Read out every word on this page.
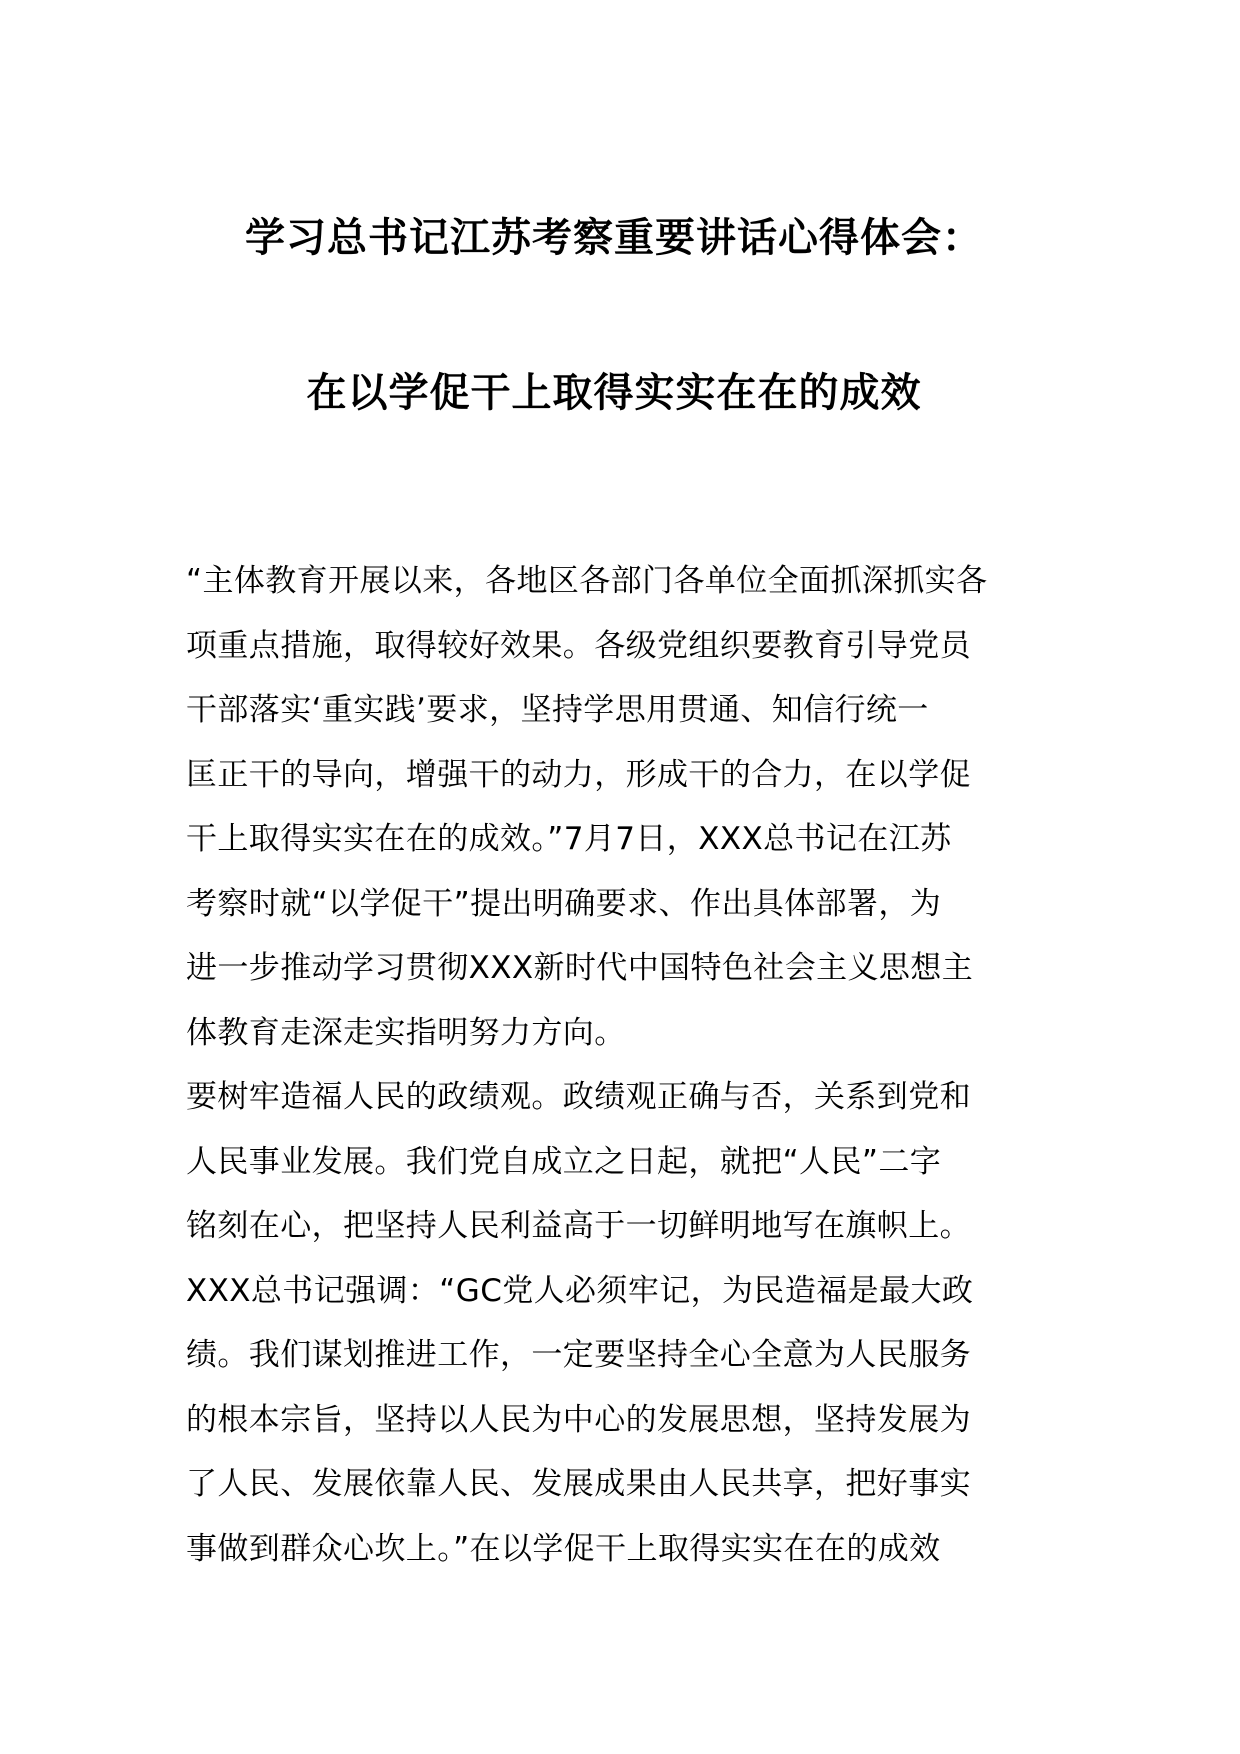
学习总书记江苏考察重要讲话心得体会：
在以学促干上取得实实在在的成效
“主体教育开展以来，各地区各部门各单位全面抓深抓实各
项重点措施，取得较好效果。各级党组织要教育引导党员
干部落实‘重实践’要求，坚持学思用贯通、知信行统一
匡正干的导向，增强干的动力，形成干的合力，在以学促
干上取得实实在在的成效。”7月7日，XXX总书记在江苏
考察时就“以学促干”提出明确要求、作出具体部署，为
进一步推动学习贯彻XXX新时代中国特色社会主义思想主
体教育走深走实指明努力方向。
要树牢造福人民的政绩观。政绩观正确与否，关系到党和
人民事业发展。我们党自成立之日起，就把“人民”二字
铭刻在心，把坚持人民利益高于一切鲜明地写在旗帜上。
XXX总书记强调：“GC党人必须牢记，为民造福是最大政
绩。我们谋划推进工作，一定要坚持全心全意为人民服务
的根本宗旨，坚持以人民为中心的发展思想，坚持发展为
了人民、发展依靠人民、发展成果由人民共享，把好事实
事做到群众心坎上。”在以学促干上取得实实在在的成效
